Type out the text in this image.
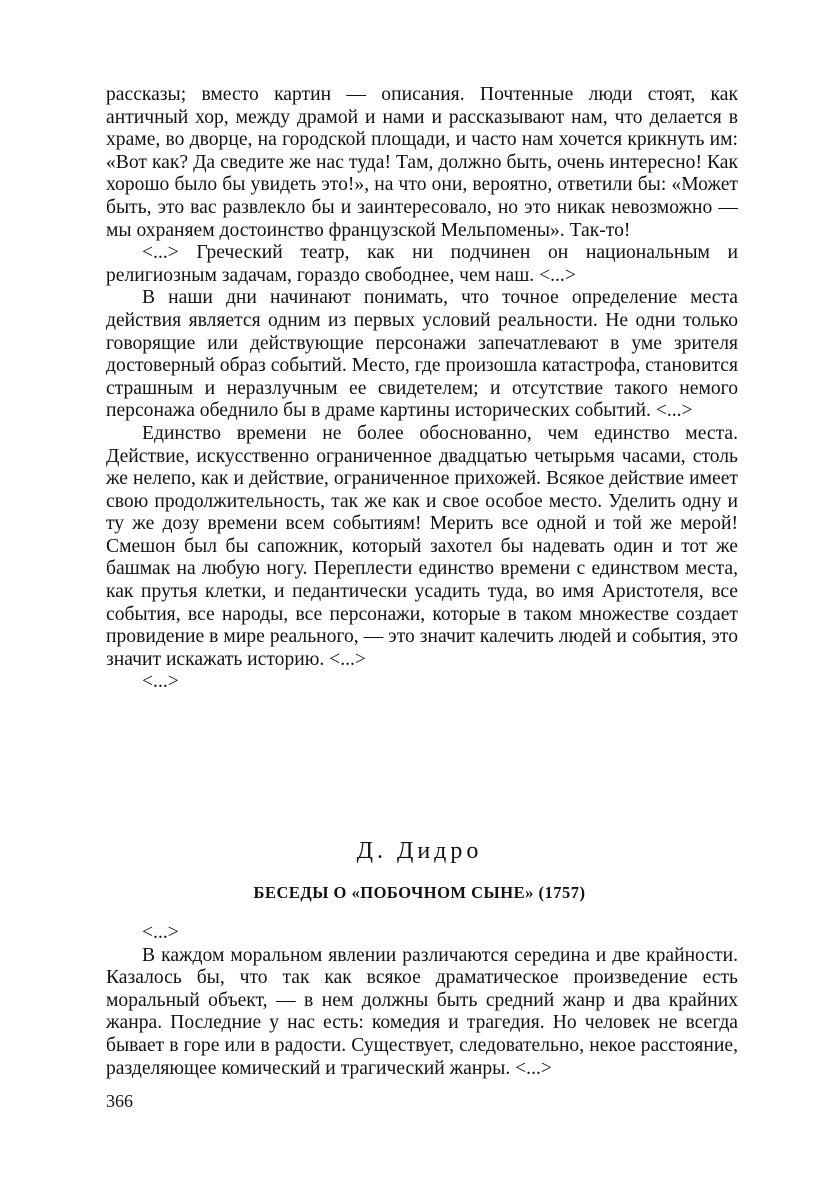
рассказы; вместо картин — описания. Почтенные люди стоят, как античный хор, между драмой и нами и рассказывают нам, что делается в храме, во дворце, на городской площади, и часто нам хочется крикнуть им: «Вот как? Да сведите же нас туда! Там, должно быть, очень интересно! Как хорошо было бы увидеть это!», на что они, вероятно, ответили бы: «Может быть, это вас развлекло бы и заинтересовало, но это никак невозможно — мы охраняем достоинство французской Мельпомены». Так-то!

<...> Греческий театр, как ни подчинен он национальным и религиозным задачам, гораздо свободнее, чем наш. <...>

В наши дни начинают понимать, что точное определение места действия является одним из первых условий реальности. Не одни только говорящие или действующие персонажи запечатлевают в уме зрителя достоверный образ событий. Место, где произошла катастрофа, становится страшным и неразлучным ее свидетелем; и отсутствие такого немого персонажа обеднило бы в драме картины исторических событий. <...>

Единство времени не более обоснованно, чем единство места. Действие, искусственно ограниченное двадцатью четырьмя часами, столь же нелепо, как и действие, ограниченное прихожей. Всякое действие имеет свою продолжительность, так же как и свое особое место. Уделить одну и ту же дозу времени всем событиям! Мерить все одной и той же мерой! Смешон был бы сапожник, который захотел бы надевать один и тот же башмак на любую ногу. Переплести единство времени с единством места, как прутья клетки, и педантически усадить туда, во имя Аристотеля, все события, все народы, все персонажи, которые в таком множестве создает провидение в мире реального, — это значит калечить людей и события, это значит искажать историю. <...>

<...>

Д. Дидро
БЕСЕДЫ О «ПОБОЧНОМ СЫНЕ» (1757)

<...>

В каждом моральном явлении различаются середина и две крайности. Казалось бы, что так как всякое драматическое произведение есть моральный объект, — в нем должны быть средний жанр и два крайних жанра. Последние у нас есть: комедия и трагедия. Но человек не всегда бывает в горе или в радости. Существует, следовательно, некое расстояние, разделяющее комический и трагический жанры. <...>

366
